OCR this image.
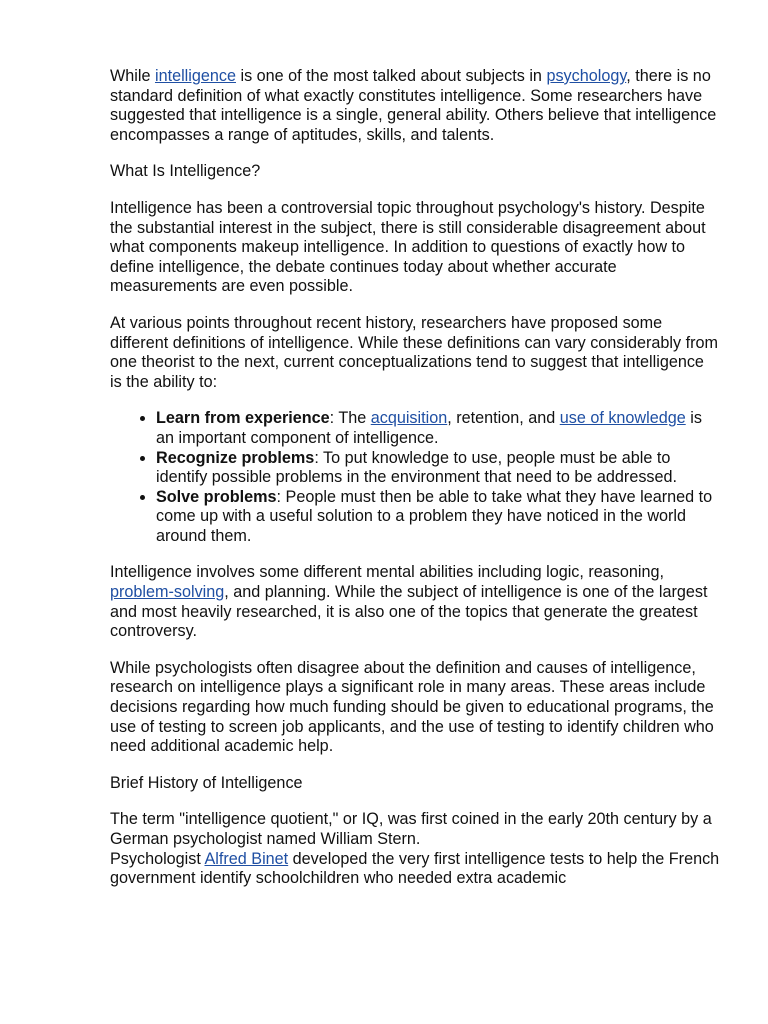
While intelligence is one of the most talked about subjects in psychology, there is no standard definition of what exactly constitutes intelligence. Some researchers have suggested that intelligence is a single, general ability. Others believe that intelligence encompasses a range of aptitudes, skills, and talents.

What Is Intelligence?

Intelligence has been a controversial topic throughout psychology's history. Despite the substantial interest in the subject, there is still considerable disagreement about what components makeup intelligence. In addition to questions of exactly how to define intelligence, the debate continues today about whether accurate measurements are even possible.

At various points throughout recent history, researchers have proposed some different definitions of intelligence. While these definitions can vary considerably from one theorist to the next, current conceptualizations tend to suggest that intelligence is the ability to:

• Learn from experience: The acquisition, retention, and use of knowledge is an important component of intelligence.
• Recognize problems: To put knowledge to use, people must be able to identify possible problems in the environment that need to be addressed.
• Solve problems: People must then be able to take what they have learned to come up with a useful solution to a problem they have noticed in the world around them.

Intelligence involves some different mental abilities including logic, reasoning, problem-solving, and planning. While the subject of intelligence is one of the largest and most heavily researched, it is also one of the topics that generate the greatest controversy.

While psychologists often disagree about the definition and causes of intelligence, research on intelligence plays a significant role in many areas. These areas include decisions regarding how much funding should be given to educational programs, the use of testing to screen job applicants, and the use of testing to identify children who need additional academic help.

Brief History of Intelligence

The term "intelligence quotient," or IQ, was first coined in the early 20th century by a German psychologist named William Stern.
Psychologist Alfred Binet developed the very first intelligence tests to help the French government identify schoolchildren who needed extra academic
